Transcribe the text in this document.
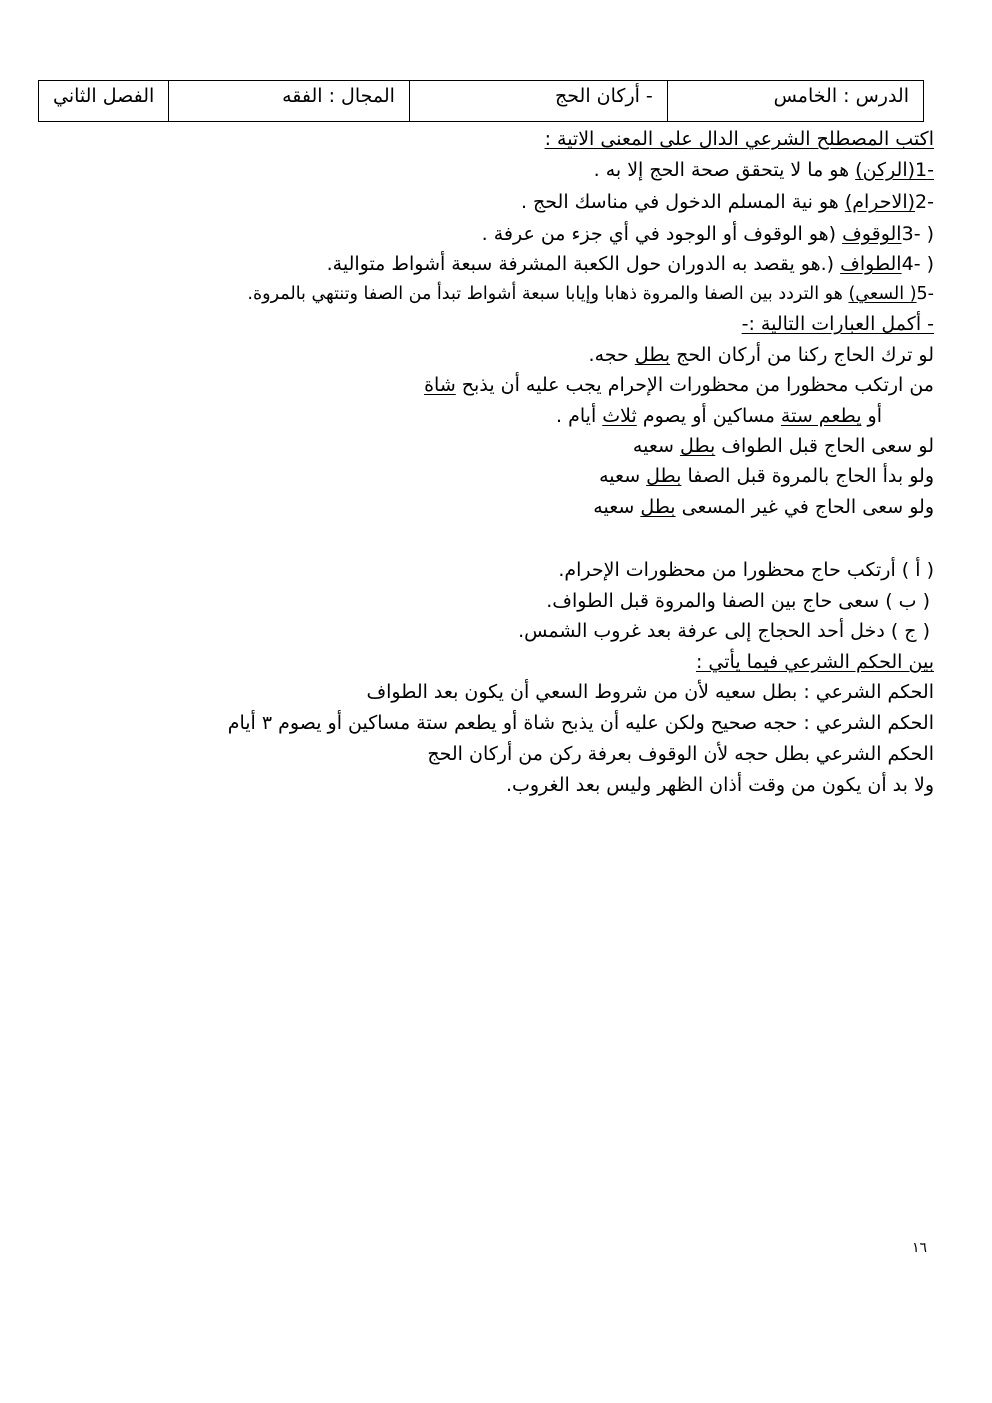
الدرس : الخامس	- أركان الحج	المجال : الفقه	الفصل الثاني
اكتب المصطلح الشرعي الدال على المعنى الاتية :
-1(الركن) هو ما لا يتحقق صحة الحج إلا به .
-2(الاحرام) هو نية المسلم الدخول في مناسك الحج .
( -3الوقوف (هو الوقوف أو الوجود في أي جزء من عرفة .
( -4الطواف (.هو يقصد به الدوران حول الكعبة المشرفة سبعة أشواط متوالية.
-5( السعي) هو التردد بين الصفا والمروة ذهابا وإيابا سبعة أشواط تبدأ من الصفا وتنتهي بالمروة.
- أكمل العبارات التالية :-
لو ترك الحاج ركنا من أركان الحج بطل حجه.
من ارتكب محظورا من محظورات الإحرام يجب عليه أن يذبح شاة
أو يطعم ستة مساكين أو يصوم ثلاث أيام .
لو سعى الحاج قبل الطواف بطل سعيه
ولو بدأ الحاج بالمروة قبل الصفا بطل سعيه
ولو سعى الحاج في غير المسعى بطل سعيه
( أ ) أرتكب حاج محظورا من محظورات الإحرام.
( ب ) سعى حاج بين الصفا والمروة قبل الطواف.
( ج ) دخل أحد الحجاج إلى عرفة بعد غروب الشمس.
بين الحكم الشرعي فيما يأتي :
الحكم الشرعي : بطل سعيه لأن من شروط السعي أن يكون بعد الطواف
الحكم الشرعي : حجه صحيح ولكن عليه أن يذبح شاة أو يطعم ستة مساكين أو يصوم ٣ أيام
الحكم الشرعي بطل حجه لأن الوقوف بعرفة ركن من أركان الحج
ولا بد أن يكون من وقت أذان الظهر وليس بعد الغروب.
١٦
